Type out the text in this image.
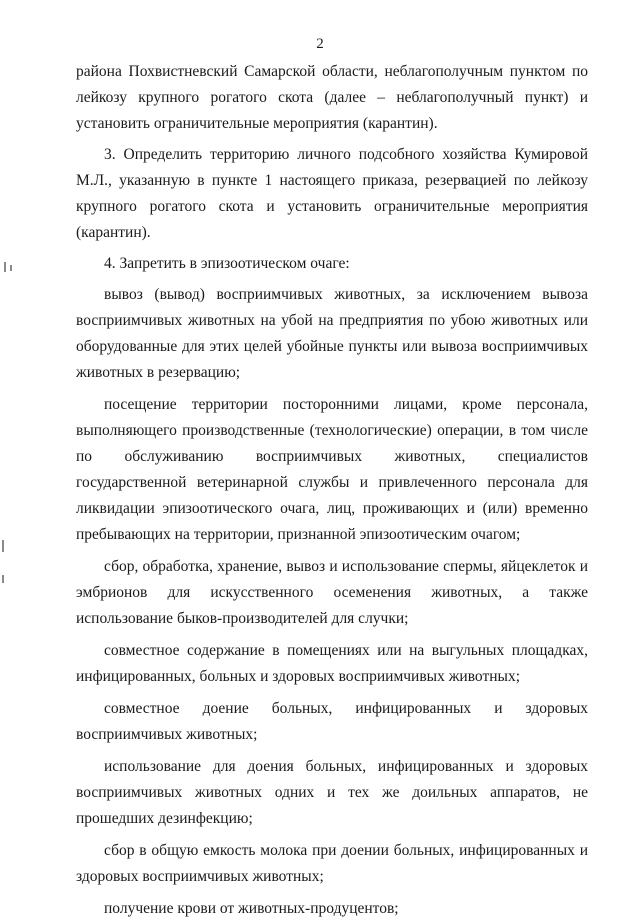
2

района Похвистневский Самарской области, неблагополучным пунктом по лейкозу крупного рогатого скота (далее – неблагополучный пункт) и установить ограничительные мероприятия (карантин).

3. Определить территорию личного подсобного хозяйства Кумировой М.Л., указанную в пункте 1 настоящего приказа, резервацией по лейкозу крупного рогатого скота и установить ограничительные мероприятия (карантин).

4. Запретить в эпизоотическом очаге:

вывоз (вывод) восприимчивых животных, за исключением вывоза восприимчивых животных на убой на предприятия по убою животных или оборудованные для этих целей убойные пункты или вывоза восприимчивых животных в резервацию;

посещение территории посторонними лицами, кроме персонала, выполняющего производственные (технологические) операции, в том числе по обслуживанию восприимчивых животных, специалистов государственной ветеринарной службы и привлеченного персонала для ликвидации эпизоотического очага, лиц, проживающих и (или) временно пребывающих на территории, признанной эпизоотическим очагом;

сбор, обработка, хранение, вывоз и использование спермы, яйцеклеток и эмбрионов для искусственного осеменения животных, а также использование быков-производителей для случки;

совместное содержание в помещениях или на выгульных площадках, инфицированных, больных и здоровых восприимчивых животных;

совместное доение больных, инфицированных и здоровых восприимчивых животных;

использование для доения больных, инфицированных и здоровых восприимчивых животных одних и тех же доильных аппаратов, не прошедших дезинфекцию;

сбор в общую емкость молока при доении больных, инфицированных и здоровых восприимчивых животных;

получение крови от животных-продуцентов;
